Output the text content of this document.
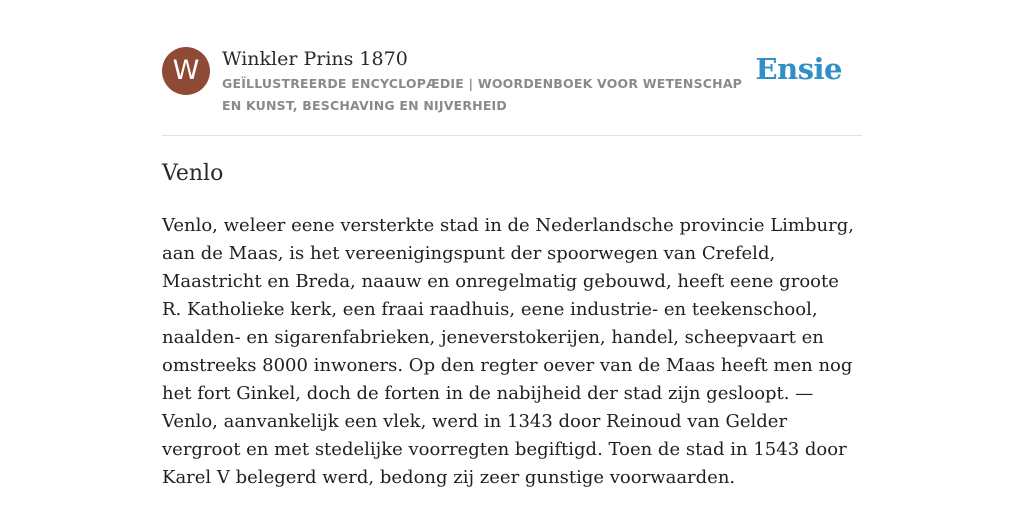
W	Winkler Prins 1870
GEÏLLUSTREERDE ENCYCLOPÆDIE | WOORDENBOEK VOOR WETENSCHAP EN KUNST, BESCHAVING EN NIJVERHEID
Ensie
Venlo

Venlo, weleer eene versterkte stad in de Nederlandsche provincie Limburg, aan de Maas, is het vereenigingspunt der spoorwegen van Crefeld, Maastricht en Breda, naauw en onregelmatig gebouwd, heeft eene groote R. Katholieke kerk, een fraai raadhuis, eene industrie- en teekenschool, naalden- en sigarenfabrieken, jeneverstokerijen, handel, scheepvaart en omstreeks 8000 inwoners. Op den regter oever van de Maas heeft men nog het fort Ginkel, doch de forten in de nabijheid der stad zijn gesloopt. — Venlo, aanvankelijk een vlek, werd in 1343 door Reinoud van Gelder vergroot en met stedelijke voorregten begiftigd. Toen de stad in 1543 door Karel V belegerd werd, bedong zij zeer gunstige voorwaarden.
